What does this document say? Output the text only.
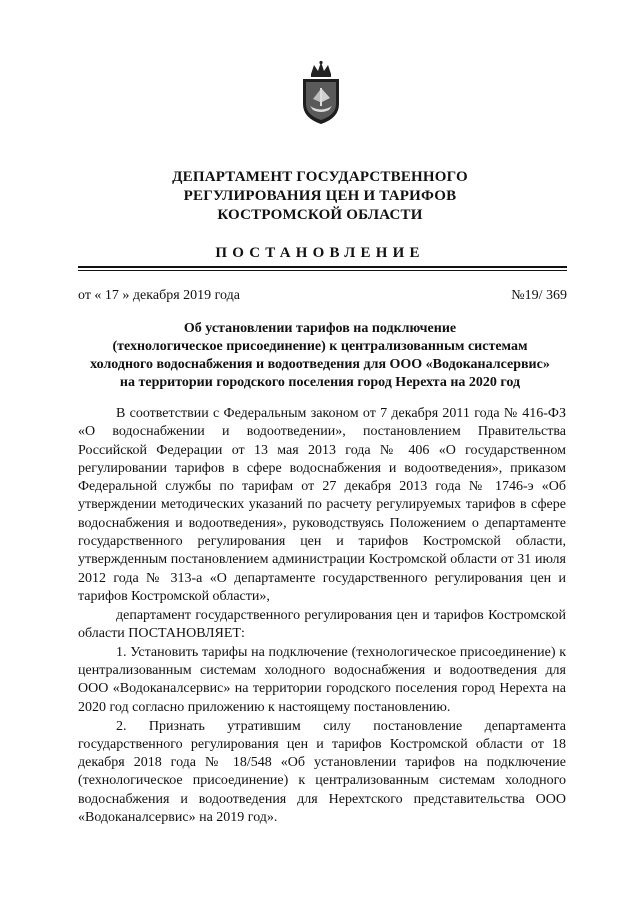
ДЕПАРТАМЕНТ ГОСУДАРСТВЕННОГО
РЕГУЛИРОВАНИЯ ЦЕН И ТАРИФОВ
КОСТРОМСКОЙ ОБЛАСТИ
ПОСТАНОВЛЕНИЕ
от « 17 » декабря 2019 года	№19/ 369
Об установлении тарифов на подключение
(технологическое присоединение) к централизованным системам
холодного водоснабжения и водоотведения для ООО «Водоканалсервис»
на территории городского поселения город Нерехта на 2020 год

В соответствии с Федеральным законом от 7 декабря 2011 года № 416-ФЗ «О водоснабжении и водоотведении», постановлением Правительства Российской Федерации от 13 мая 2013 года № 406 «О государственном регулировании тарифов в сфере водоснабжения и водоотведения», приказом Федеральной службы по тарифам от 27 декабря 2013 года № 1746-э «Об утверждении методических указаний по расчету регулируемых тарифов в сфере водоснабжения и водоотведения», руководствуясь Положением о департаменте государственного регулирования цен и тарифов Костромской области, утвержденным постановлением администрации Костромской области от 31 июля 2012 года № 313-а «О департаменте государственного регулирования цен и тарифов Костромской области»,

департамент государственного регулирования цен и тарифов Костромской области ПОСТАНОВЛЯЕТ:

1. Установить тарифы на подключение (технологическое присоединение) к централизованным системам холодного водоснабжения и водоотведения для ООО «Водоканалсервис» на территории городского поселения город Нерехта на 2020 год согласно приложению к настоящему постановлению.

2. Признать утратившим силу постановление департамента государственного регулирования цен и тарифов Костромской области от 18 декабря 2018 года № 18/548 «Об установлении тарифов на подключение (технологическое присоединение) к централизованным системам холодного водоснабжения и водоотведения для Нерехтского представительства ООО «Водоканалсервис» на 2019 год».
